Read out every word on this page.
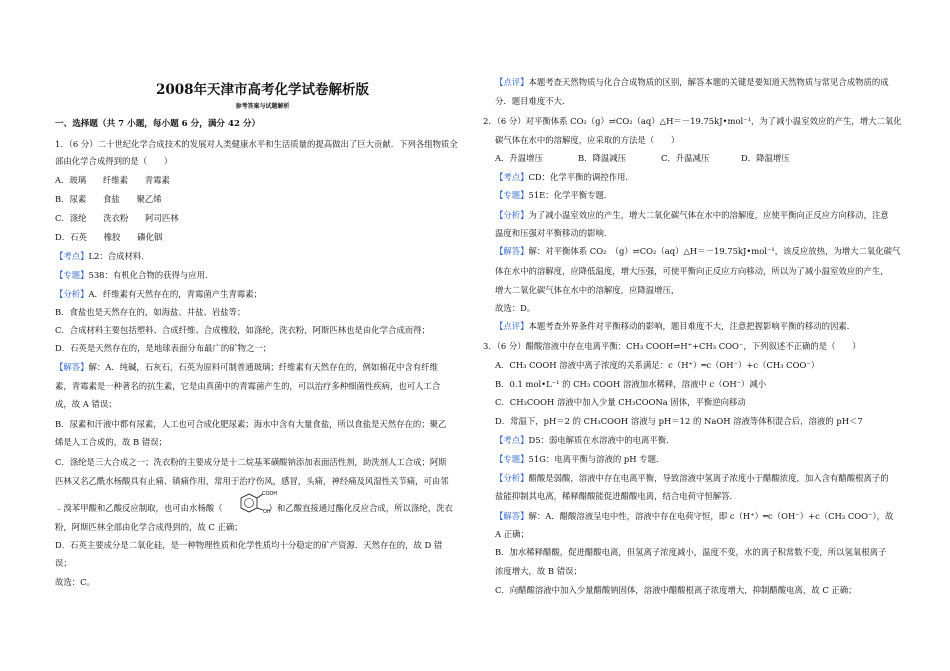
2008年天津市高考化学试卷解析版
参考答案与试题解析
一、选择题（共 7 小题，每小题 6 分，满分 42 分）
1．（6 分）二十世纪化学合成技术的发展对人类健康水平和生活质量的提高做出了巨大贡献．下列各组物质全
部由化学合成得到的是（　　）
A．玻璃　　纤维素　　青霉素
B．尿素　　食盐　　聚乙烯
C．涤纶　　洗衣粉　　阿司匹林
D．石英　　橡胶　　磷化铟
【考点】L2：合成材料．
【专题】538：有机化合物的获得与应用．
【分析】A．纤维素有天然存在的，青霉菌产生青霉素；
B．食盐也是天然存在的，如海盐、井盐、岩盐等；
C．合成材料主要包括塑料、合成纤维、合成橡胶，如涤纶，洗衣粉，阿斯匹林也是由化学合成而得；
D．石英是天然存在的，是地球表面分布最广的矿物之一；
【解答】解：A．纯碱，石灰石，石英为原料可制普通玻璃；纤维素有天然存在的，例如棉花中含有纤维
素，青霉素是一种著名的抗生素，它是由真菌中的青霉菌产生的，可以治疗多种细菌性疾病，也可人工合
成，故 A 错误；
B．尿素和汗液中都有尿素，人工也可合成化肥尿素；海水中含有大量食盐，所以食盐是天然存在的；聚乙
烯是人工合成的，故 B 错误；
C．涤纶是三大合成之一；洗衣粉的主要成分是十二烷基苯磺酸钠添加表面活性剂，助洗剂人工合成；阿斯
匹林又名乙酰水杨酸具有止痛、镇痛作用，常用于治疗伤风，感冒，头痛，神经痛及风湿性关节痛，可由邻
﹣溴苯甲酸和乙酸反应制取，也可由水杨酸（	）和乙酸直接通过酯化反应合成，所以涤纶，洗衣
COOH
OH
粉，阿斯匹林全部由化学合成得到的，故 C 正确；
D．石英主要成分是二氧化硅，是一种物理性质和化学性质均十分稳定的矿产资源．天然存在的，故 D 错
误；
故选：C。
【点评】本题考查天然物质与化合合成物质的区别，解答本题的关键是要知道天然物质与常见合成物质的成
分．题目难度不大．
2．（6 分）对平衡体系 CO₂（g）⇌CO₂（aq）△H＝－19.75kJ•mol⁻¹，为了减小温室效应的产生，增大二氧化
碳气体在水中的溶解度，应采取的方法是（　　）
A．升温增压	B．降温减压	C．升温减压	D．降温增压
【考点】CD：化学平衡的调控作用．
【专题】51E：化学平衡专题．
【分析】为了减小温室效应的产生，增大二氧化碳气体在水中的溶解度，应使平衡向正反应方向移动，注意
温度和压强对平衡移动的影响．
【解答】解：对平衡体系 CO₂　（g）⇌CO₂（aq）△H＝－19.75kJ•mol⁻¹，该反应放热，为增大二氧化碳气
体在水中的溶解度，应降低温度，增大压强，可使平衡向正反应方向移动，所以为了减小温室效应的产生，
增大二氧化碳气体在水中的溶解度，应降温增压，
故选：D。
【点评】本题考查外界条件对平衡移动的影响，题目难度不大，注意把握影响平衡的移动的因素．
3．（6 分）醋酸溶液中存在电离平衡：CH₃ COOH⇌H⁺+CH₃ COO⁻，下列叙述不正确的是（　　）
A．CH₃ COOH 溶液中离子浓度的关系满足：c（H⁺）═c（OH⁻）+c（CH₃ COO⁻）
B．0.1 mol•L⁻¹ 的 CH₃ COOH 溶液加水稀释，溶液中 c（OH⁻）减小
C．CH₃COOH 溶液中加入少量 CH₃COONa 固体，平衡逆向移动
D．常温下，pH＝2 的 CH₃COOH 溶液与 pH＝12 的 NaOH 溶液等体积混合后，溶液的 pH＜7
【考点】D5：弱电解质在水溶液中的电离平衡．
【专题】51G：电离平衡与溶液的 pH 专题．
【分析】醋酸是弱酸，溶液中存在电离平衡，导致溶液中氢离子浓度小于醋酸浓度，加入含有醋酸根离子的
盐能抑制其电离，稀释醋酸能促进醋酸电离，结合电荷守恒解答．
【解答】解：A．醋酸溶液呈电中性，溶液中存在电荷守恒，即 c（H⁺）═c（OH⁻）+c（CH₃ COO⁻），故
A 正确；
B．加水稀释醋酸，促进醋酸电离，但氢离子浓度减小，温度不变，水的离子积常数不变，所以氢氧根离子
浓度增大，故 B 错误；
C．向醋酸溶液中加入少量醋酸钠固体，溶液中醋酸根离子浓度增大，抑制醋酸电离，故 C 正确；
